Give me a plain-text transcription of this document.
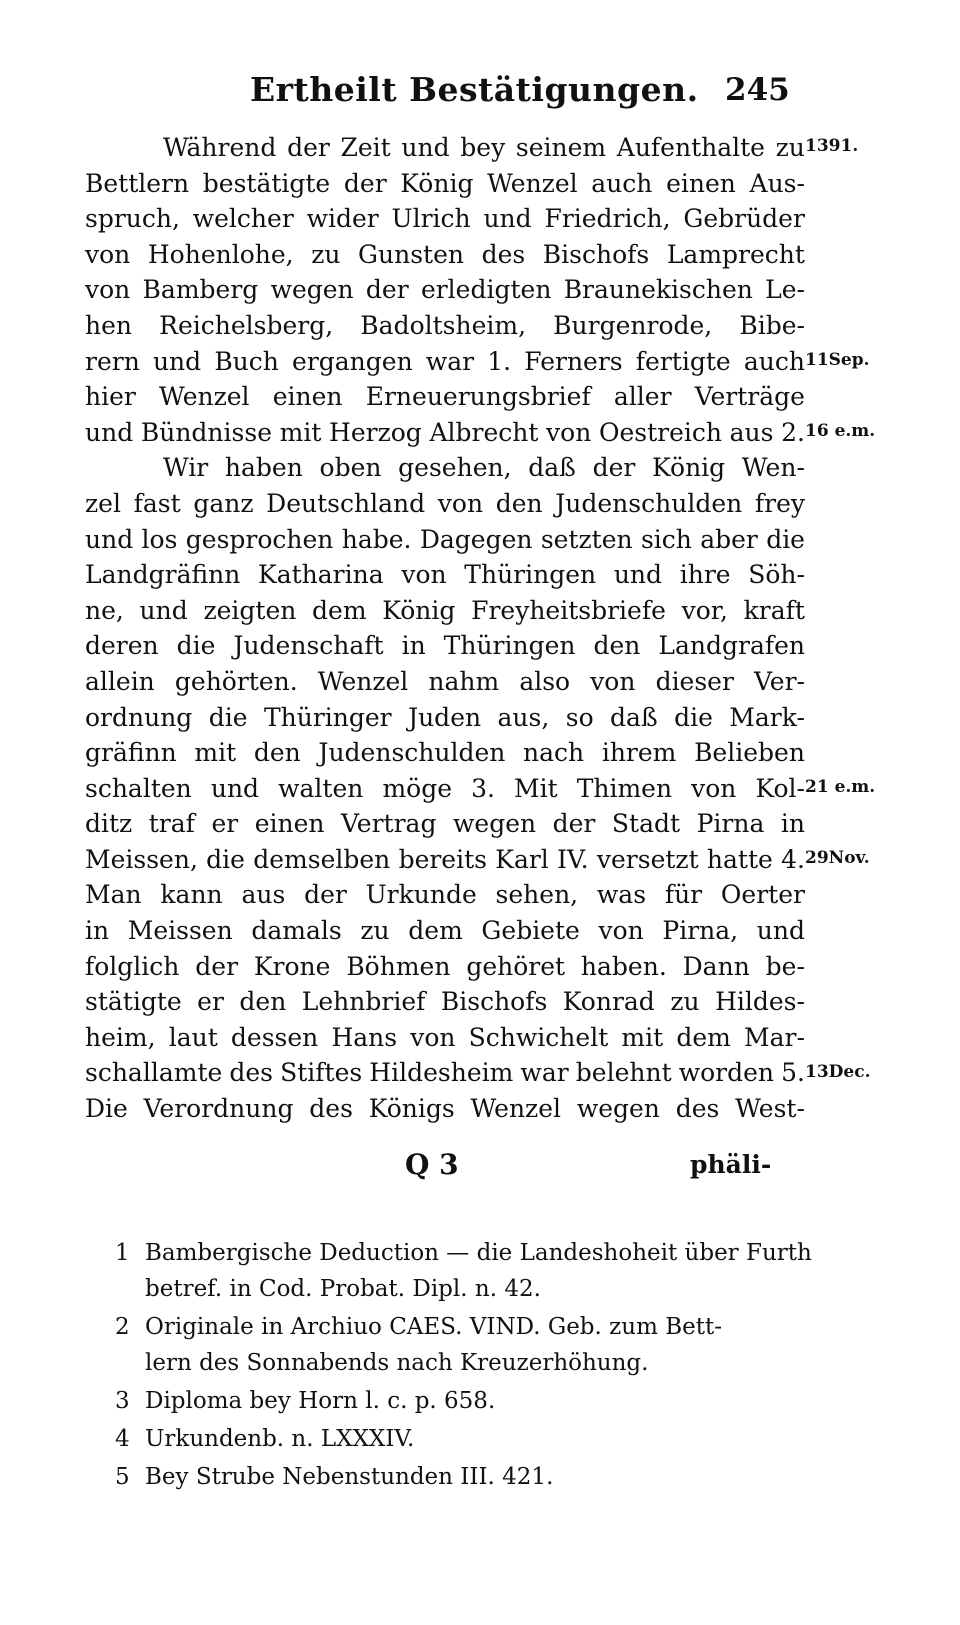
Ertheilt Bestätigungen. 245
Während der Zeit und bey seinem Aufenthalte zu
Bettlern bestätigte der König Wenzel auch einen Aus-
spruch, welcher wider Ulrich und Friedrich, Gebrüder
von Hohenlohe, zu Gunsten des Bischofs Lamprecht
von Bamberg wegen der erledigten Braunekischen Le-
hen Reichelsberg, Badoltsheim, Burgenrode, Bibe-
rern und Buch ergangen war 1. Ferners fertigte auch
hier Wenzel einen Erneuerungsbrief aller Verträge
und Bündnisse mit Herzog Albrecht von Oestreich aus 2.
Wir haben oben gesehen, daß der König Wen-
zel fast ganz Deutschland von den Judenschulden frey
und los gesprochen habe. Dagegen setzten sich aber die
Landgräfinn Katharina von Thüringen und ihre Söh-
ne, und zeigten dem König Freyheitsbriefe vor, kraft
deren die Judenschaft in Thüringen den Landgrafen
allein gehörten. Wenzel nahm also von dieser Ver-
ordnung die Thüringer Juden aus, so daß die Mark-
gräfinn mit den Judenschulden nach ihrem Belieben
schalten und walten möge 3. Mit Thimen von Kol-
ditz traf er einen Vertrag wegen der Stadt Pirna in
Meissen, die demselben bereits Karl IV. versetzt hatte 4.
Man kann aus der Urkunde sehen, was für Oerter
in Meissen damals zu dem Gebiete von Pirna, und
folglich der Krone Böhmen gehöret haben. Dann be-
stätigte er den Lehnbrief Bischofs Konrad zu Hildes-
heim, laut dessen Hans von Schwichelt mit dem Mar-
schallamte des Stiftes Hildesheim war belehnt worden 5.
Die Verordnung des Königs Wenzel wegen des West-
1391.
11Sep.
16 e.m.
21 e.m.
29Nov.
13Dec.
Q 3	phäli-
1 Bambergische Deduction — die Landeshoheit über Furth
betref. in Cod. Probat. Dipl. n. 42.
2 Originale in Archiuo CAES. VIND. Geb. zum Bett-
lern des Sonnabends nach Kreuzerhöhung.
3 Diploma bey Horn l. c. p. 658.
4 Urkundenb. n. LXXXIV.
5 Bey Strube Nebenstunden III. 421.
